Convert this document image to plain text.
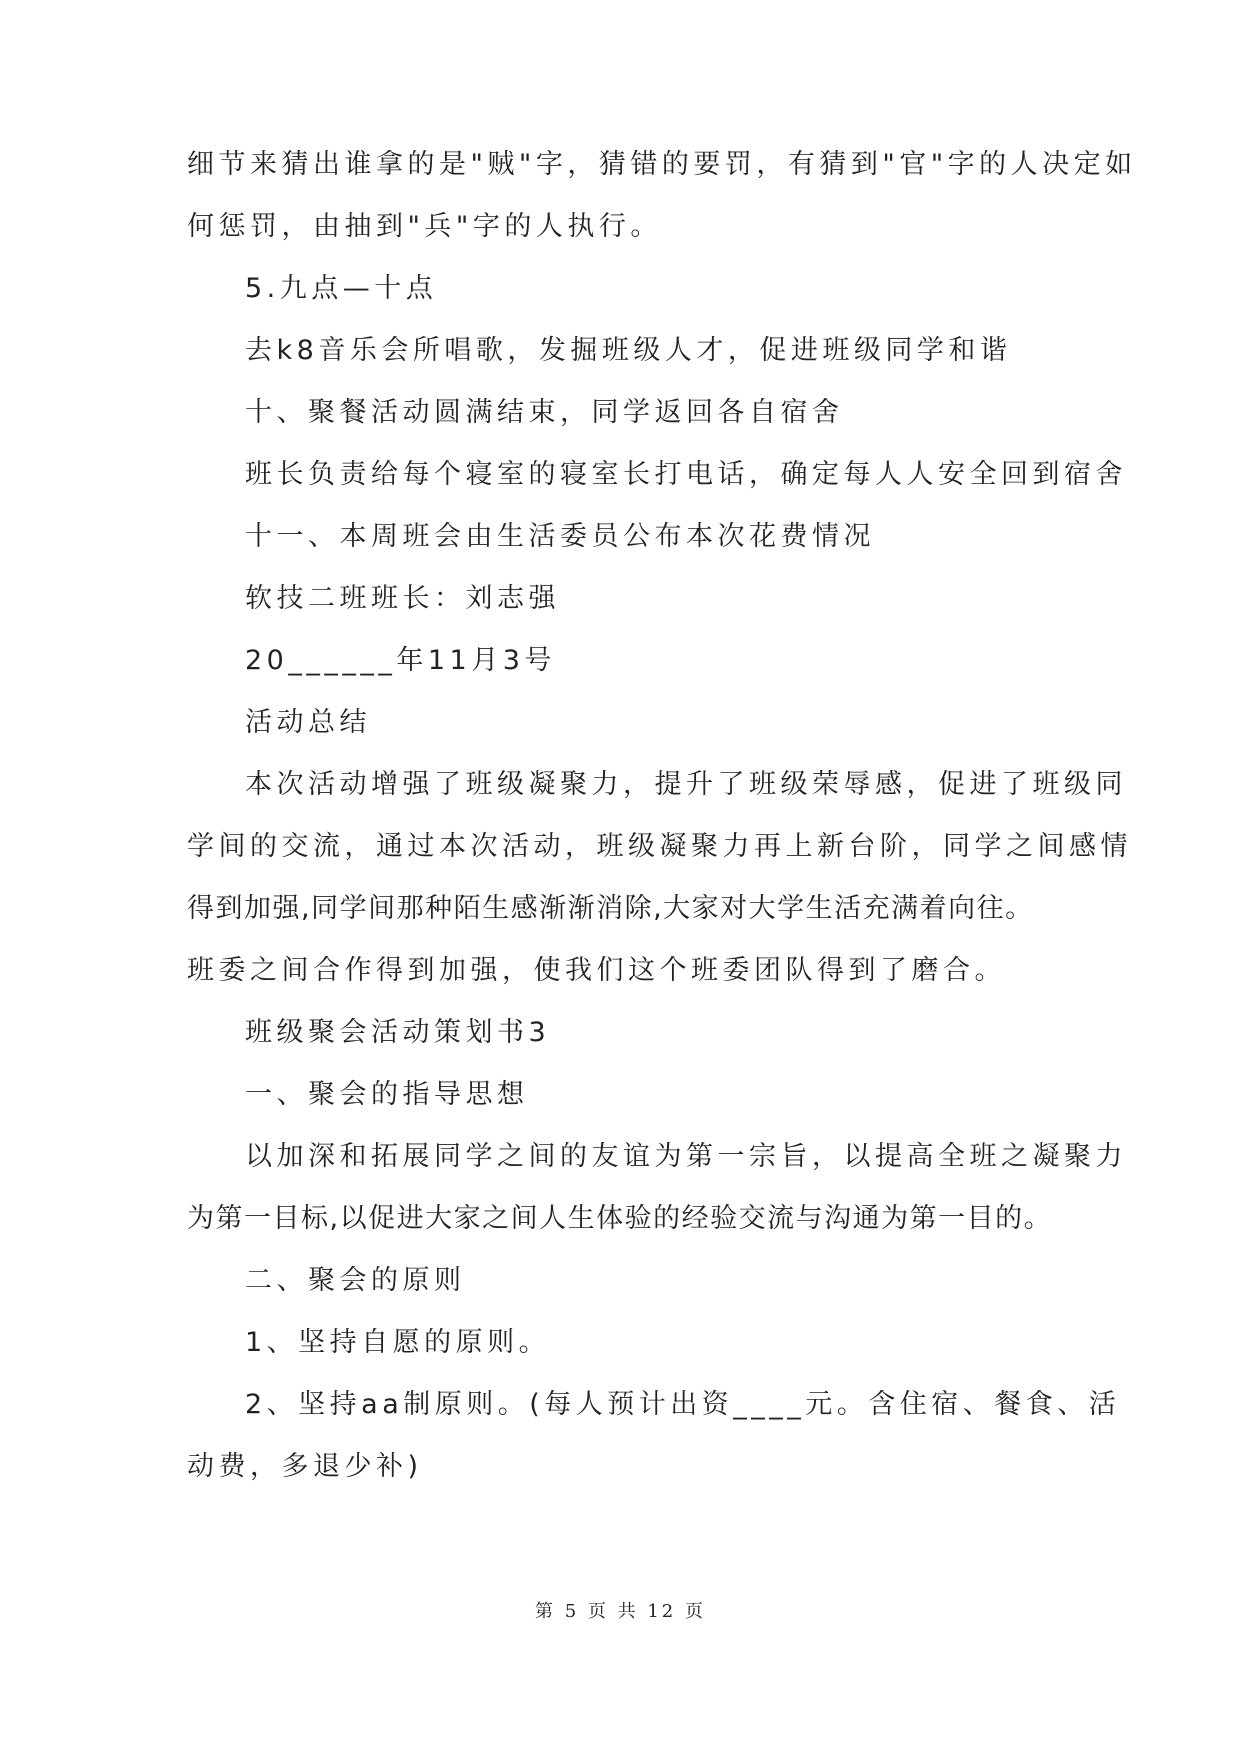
细节来猜出谁拿的是"贼"字，猜错的要罚，有猜到"官"字的人决定如

何惩罚，由抽到"兵"字的人执行。

5.九点—十点

去k8音乐会所唱歌，发掘班级人才，促进班级同学和谐

十、聚餐活动圆满结束，同学返回各自宿舍

班长负责给每个寝室的寝室长打电话，确定每人人安全回到宿舍

十一、本周班会由生活委员公布本次花费情况

软技二班班长：刘志强

20______年11月3号

活动总结

本次活动增强了班级凝聚力，提升了班级荣辱感，促进了班级同

学间的交流，通过本次活动，班级凝聚力再上新台阶，同学之间感情

得到加强,同学间那种陌生感渐渐消除,大家对大学生活充满着向往。

班委之间合作得到加强，使我们这个班委团队得到了磨合。

班级聚会活动策划书3

一、聚会的指导思想

以加深和拓展同学之间的友谊为第一宗旨，以提高全班之凝聚力

为第一目标,以促进大家之间人生体验的经验交流与沟通为第一目的。

二、聚会的原则

1、坚持自愿的原则。

2、坚持aa制原则。(每人预计出资____元。含住宿、餐食、活

动费，多退少补)

第 5 页 共 12 页
